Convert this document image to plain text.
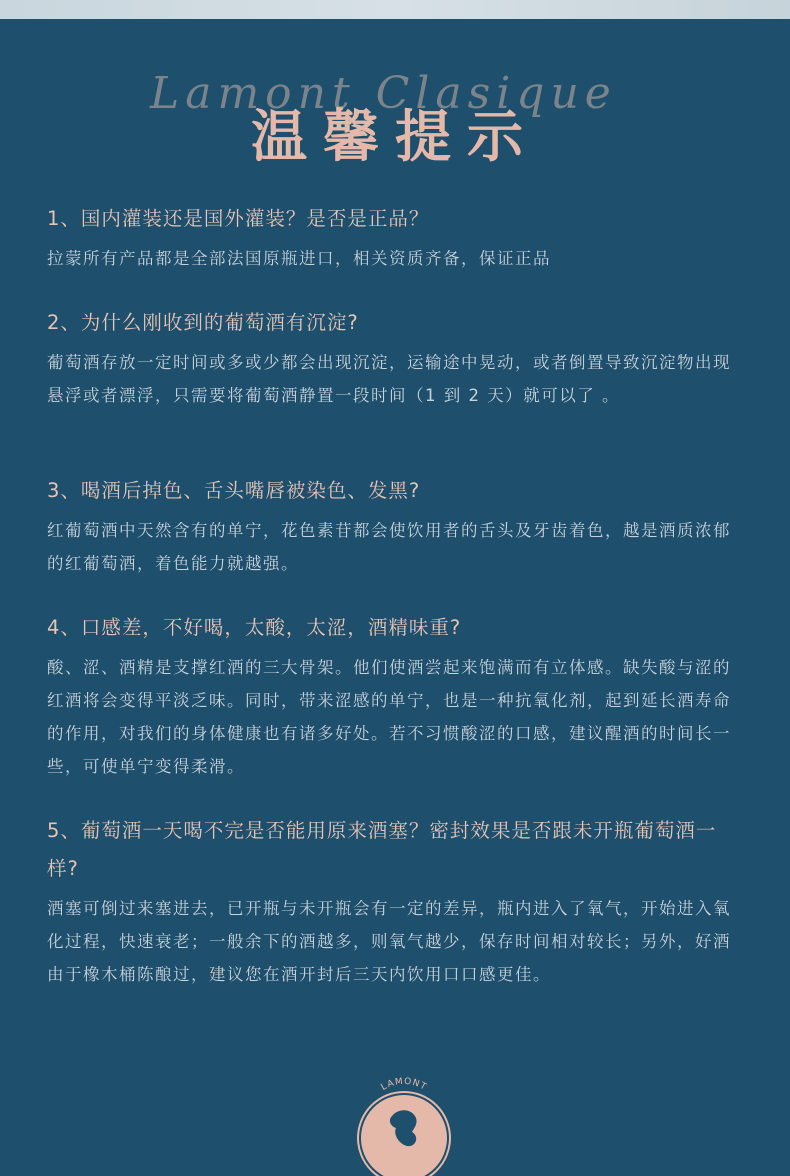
Lamont Clasique
温馨提示
1、国内灌装还是国外灌装？是否是正品？
拉蒙所有产品都是全部法国原瓶进口，相关资质齐备，保证正品
2、为什么刚收到的葡萄酒有沉淀?
葡萄酒存放一定时间或多或少都会出现沉淀，运输途中晃动，或者倒置导致沉淀物出现悬浮或者漂浮，只需要将葡萄酒静置一段时间（1 到 2 天）就可以了 。
3、喝酒后掉色、舌头嘴唇被染色、发黑?
红葡萄酒中天然含有的单宁，花色素苷都会使饮用者的舌头及牙齿着色，越是酒质浓郁的红葡萄酒，着色能力就越强。
4、口感差，不好喝，太酸，太涩，酒精味重?
酸、涩、酒精是支撑红酒的三大骨架。他们使酒尝起来饱满而有立体感。缺失酸与涩的红酒将会变得平淡乏味。同时，带来涩感的单宁，也是一种抗氧化剂，起到延长酒寿命的作用，对我们的身体健康也有诸多好处。若不习惯酸涩的口感，建议醒酒的时间长一些，可使单宁变得柔滑。
5、葡萄酒一天喝不完是否能用原来酒塞？密封效果是否跟未开瓶葡萄酒一样?
酒塞可倒过来塞进去，已开瓶与未开瓶会有一定的差异，瓶内进入了氧气，开始进入氧化过程，快速衰老；一般余下的酒越多，则氧气越少，保存时间相对较长；另外，好酒由于橡木桶陈酿过，建议您在酒开封后三天内饮用口口感更佳。
LAMONT
